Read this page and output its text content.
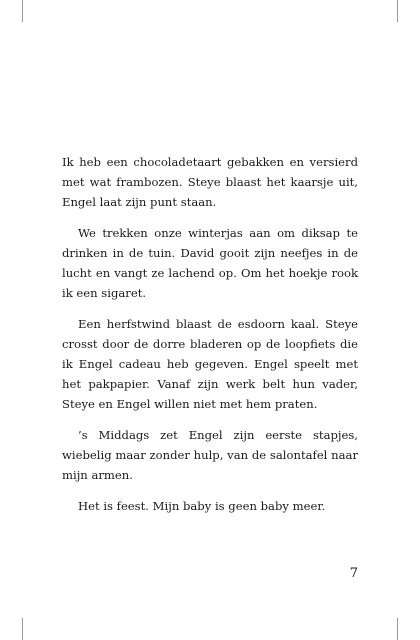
Ik heb een chocoladetaart gebakken en versierd met wat frambozen. Steye blaast het kaarsje uit, Engel laat zijn punt staan.

We trekken onze winterjas aan om diksap te drinken in de tuin. David gooit zijn neefjes in de lucht en vangt ze lachend op. Om het hoekje rook ik een sigaret.

Een herfstwind blaast de esdoorn kaal. Steye crosst door de dorre bladeren op de loopfiets die ik Engel cadeau heb gegeven. Engel speelt met het pakpapier. Vanaf zijn werk belt hun vader, Steye en Engel willen niet met hem praten.

’s Middags zet Engel zijn eerste stapjes, wiebelig maar zonder hulp, van de salontafel naar mijn armen.

Het is feest. Mijn baby is geen baby meer.

7
